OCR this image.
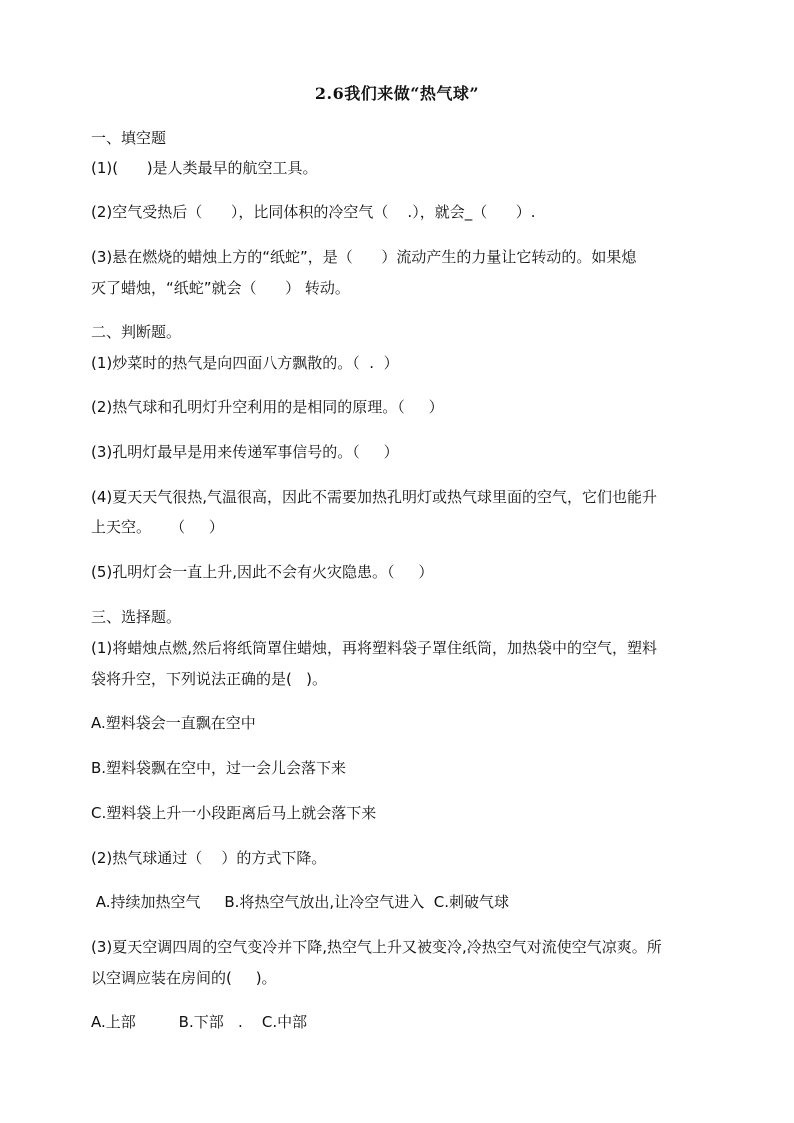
2.6我们来做“热气球”
一、填空题
(1)(      )是人类最早的航空工具。
(2)空气受热后（      ），比同体积的冷空气（    .），就会_（      ）.
(3)悬在燃烧的蜡烛上方的“纸蛇”，是（      ）流动产生的力量让它转动的。如果熄
灭了蜡烛，“纸蛇”就会（      ） 转动。
二、判断题。
(1)炒菜时的热气是向四面八方飘散的。（  .  ）
(2)热气球和孔明灯升空利用的是相同的原理。（     ）
(3)孔明灯最早是用来传递军事信号的。（     ）
(4)夏天天气很热,气温很高，因此不需要加热孔明灯或热气球里面的空气，它们也能升
上天空。    （     ）
(5)孔明灯会一直上升,因此不会有火灾隐患。（     ）
三、选择题。
(1)将蜡烛点燃,然后将纸筒罩住蜡烛，再将塑料袋子罩住纸筒，加热袋中的空气，塑料
袋将升空，下列说法正确的是(   )。
A.塑料袋会一直飘在空中
B.塑料袋飘在空中，过一会儿会落下来
C.塑料袋上升一小段距离后马上就会落下来
(2)热气球通过（    ）的方式下降。
A.持续加热空气     B.将热空气放出,让冷空气进入  C.刺破气球
(3)夏天空调四周的空气变冷并下降,热空气上升又被变冷,冷热空气对流使空气凉爽。所
以空调应装在房间的(     )。
A.上部         B.下部   .    C.中部
